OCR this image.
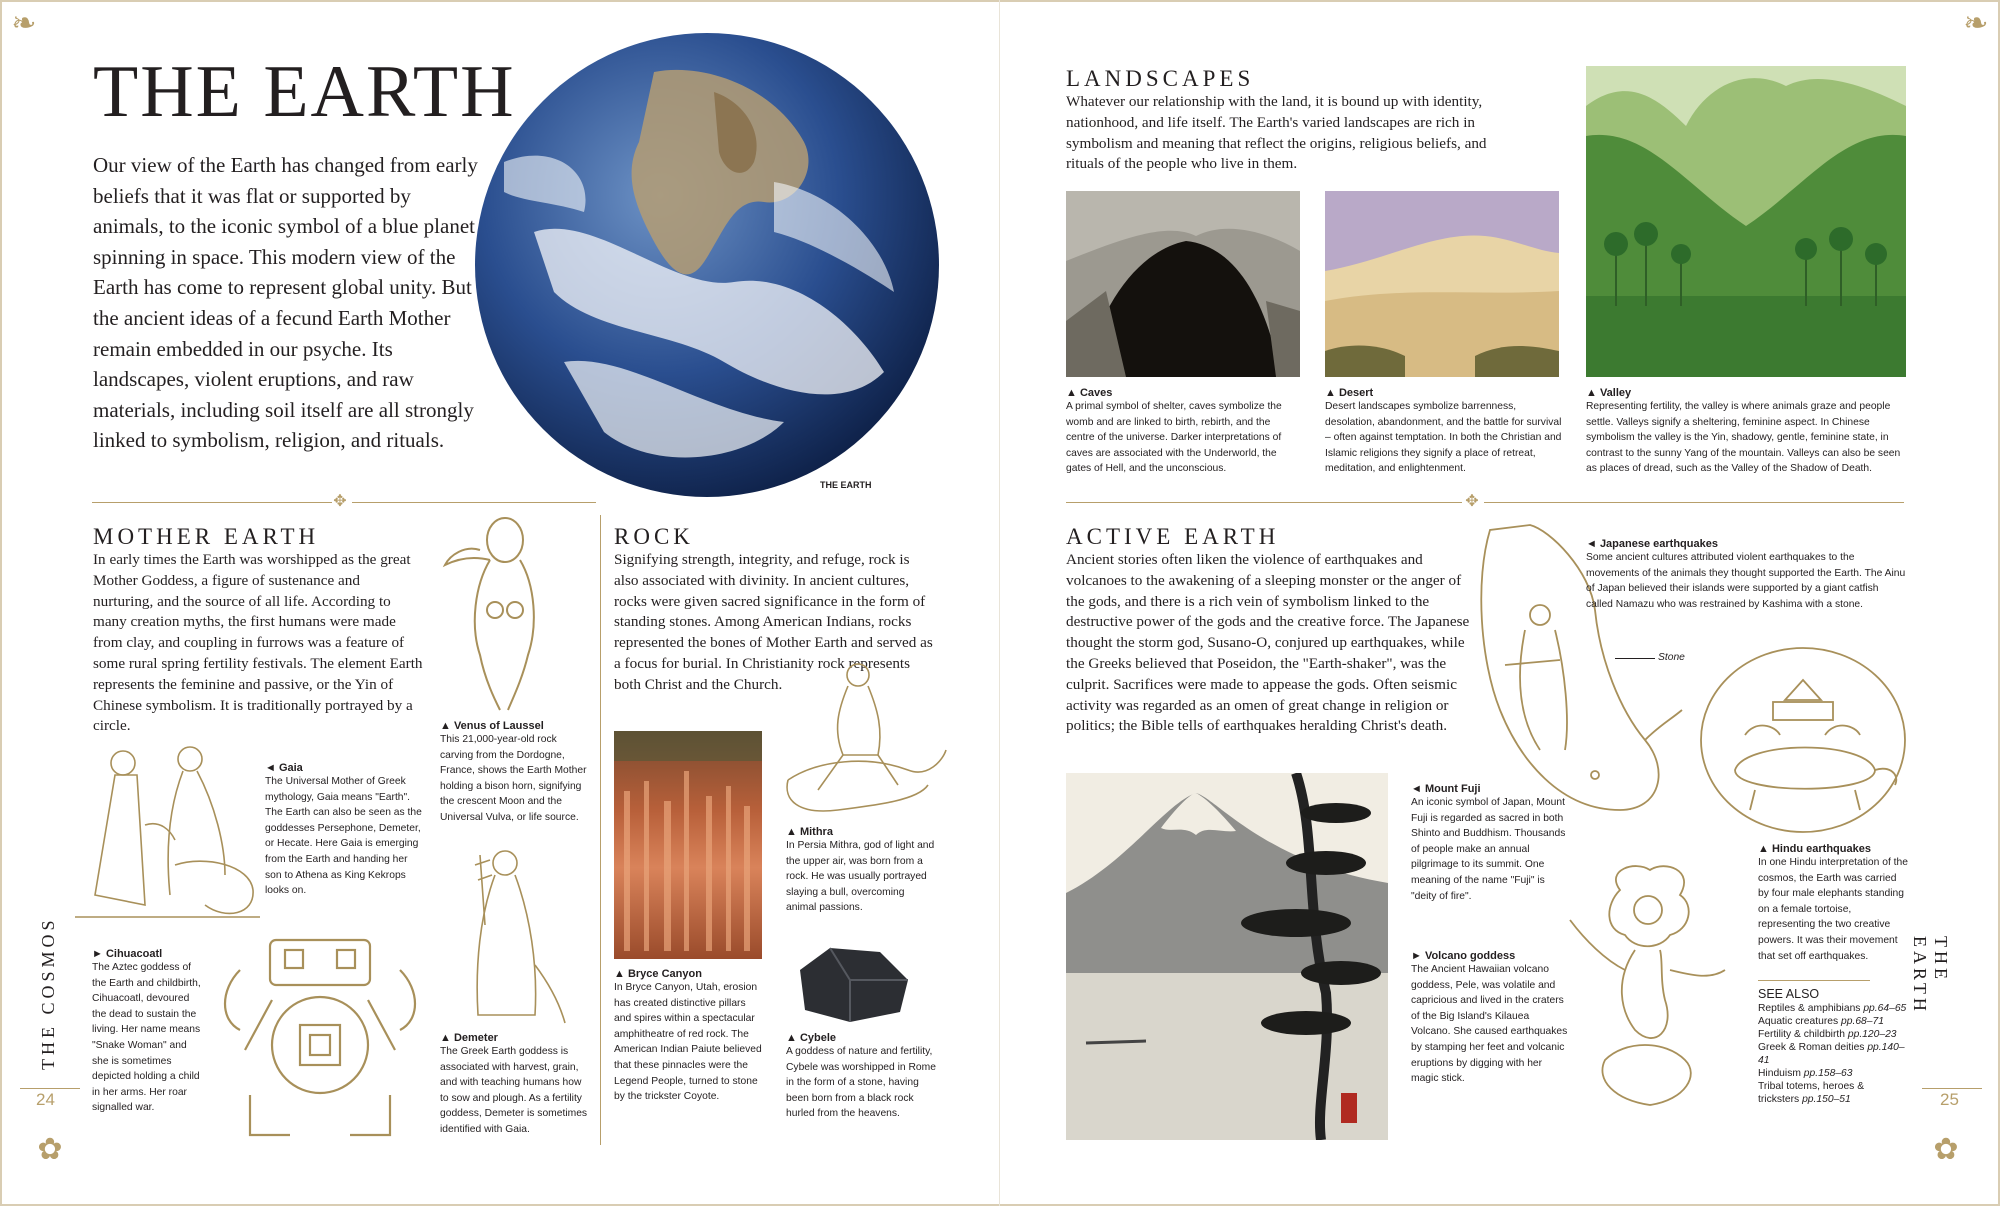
❧	❧
THE EARTH
Our view of the Earth has changed from early beliefs that it was flat or supported by animals, to the iconic symbol of a blue planet spinning in space. This modern view of the Earth has come to represent global unity. But the ancient ideas of a fecund Earth Mother remain embedded in our psyche. Its landscapes, violent eruptions, and raw materials, including soil itself are all strongly linked to symbolism, religion, and rituals.
THE EARTH
✥
MOTHER EARTH
In early times the Earth was worshipped as the great Mother Goddess, a figure of sustenance and nurturing, and the source of all life. According to many creation myths, the first humans were made from clay, and coupling in furrows was a feature of some rural spring fertility festivals. The element Earth represents the feminine and passive, or the Yin of Chinese symbolism. It is traditionally portrayed by a circle.	▲ Venus of Laussel
This 21,000-year-old rock carving from the Dordogne, France, shows the Earth Mother holding a bison horn, signifying the crescent Moon and the Universal Vulva, or life source.
◄ Gaia
The Universal Mother of Greek mythology, Gaia means "Earth". The Earth can also be seen as the goddesses Persephone, Demeter, or Hecate. Here Gaia is emerging from the Earth and handing her son to Athena as King Kekrops looks on.
► Cihuacoatl
The Aztec goddess of the Earth and childbirth, Cihuacoatl, devoured the dead to sustain the living. Her name means "Snake Woman" and she is sometimes depicted holding a child in her arms. Her roar signalled war.
▲ Demeter
The Greek Earth goddess is associated with harvest, grain, and with teaching humans how to sow and plough. As a fertility goddess, Demeter is sometimes identified with Gaia.
ROCK
Signifying strength, integrity, and refuge, rock is also associated with divinity. In ancient cultures, rocks were given sacred significance in the form of standing stones. Among American Indians, rocks represented the bones of Mother Earth and served as a focus for burial. In Christianity rock represents both Christ and the Church.
▲ Mithra
In Persia Mithra, god of light and the upper air, was born from a rock. He was usually portrayed slaying a bull, overcoming animal passions.
▲ Bryce Canyon
In Bryce Canyon, Utah, erosion has created distinctive pillars and spires within a spectacular amphitheatre of red rock. The American Indian Paiute believed that these pinnacles were the Legend People, turned to stone by the trickster Coyote.
▲ Cybele
A goddess of nature and fertility, Cybele was worshipped in Rome in the form of a stone, having been born from a black rock hurled from the heavens.
THE COSMOS
24
✿
LANDSCAPES
Whatever our relationship with the land, it is bound up with identity, nationhood, and life itself. The Earth's varied landscapes are rich in symbolism and meaning that reflect the origins, religious beliefs, and rituals of the people who live in them.
▲ Caves
A primal symbol of shelter, caves symbolize the womb and are linked to birth, rebirth, and the centre of the universe. Darker interpretations of caves are associated with the Underworld, the gates of Hell, and the unconscious.
▲ Desert
Desert landscapes symbolize barrenness, desolation, abandonment, and the battle for survival – often against temptation. In both the Christian and Islamic religions they signify a place of retreat, meditation, and enlightenment.
▲ Valley
Representing fertility, the valley is where animals graze and people settle. Valleys signify a sheltering, feminine aspect. In Chinese symbolism the valley is the Yin, shadowy, gentle, feminine state, in contrast to the sunny Yang of the mountain. Valleys can also be seen as places of dread, such as the Valley of the Shadow of Death.
✥
ACTIVE EARTH
Ancient stories often liken the violence of earthquakes and volcanoes to the awakening of a sleeping monster or the anger of the gods, and there is a rich vein of symbolism linked to the destructive power of the gods and the creative force. The Japanese thought the storm god, Susano-O, conjured up earthquakes, while the Greeks believed that Poseidon, the "Earth-shaker", was the culprit. Sacrifices were made to appease the gods. Often seismic activity was regarded as an omen of great change in religion or politics; the Bible tells of earthquakes heralding Christ's death.
◄ Japanese earthquakes
Some ancient cultures attributed violent earthquakes to the movements of the animals they thought supported the Earth. The Ainu of Japan believed their islands were supported by a giant catfish called Namazu who was restrained by Kashima with a stone.
Stone
◄ Mount Fuji
An iconic symbol of Japan, Mount Fuji is regarded as sacred in both Shinto and Buddhism. Thousands of people make an annual pilgrimage to its summit. One meaning of the name "Fuji" is "deity of fire".
► Volcano goddess
The Ancient Hawaiian volcano goddess, Pele, was volatile and capricious and lived in the craters of the Big Island's Kilauea Volcano. She caused earthquakes by stamping her feet and volcanic eruptions by digging with her magic stick.
▲ Hindu earthquakes
In one Hindu interpretation of the cosmos, the Earth was carried by four male elephants standing on a female tortoise, representing the two creative powers. It was their movement that set off earthquakes.
SEE ALSO
Reptiles & amphibians pp.64–65
Aquatic creatures pp.68–71
Fertility & childbirth pp.120–23
Greek & Roman deities pp.140–41
Hinduism pp.158–63
Tribal totems, heroes & tricksters pp.150–51
THE EARTH
25
✿
